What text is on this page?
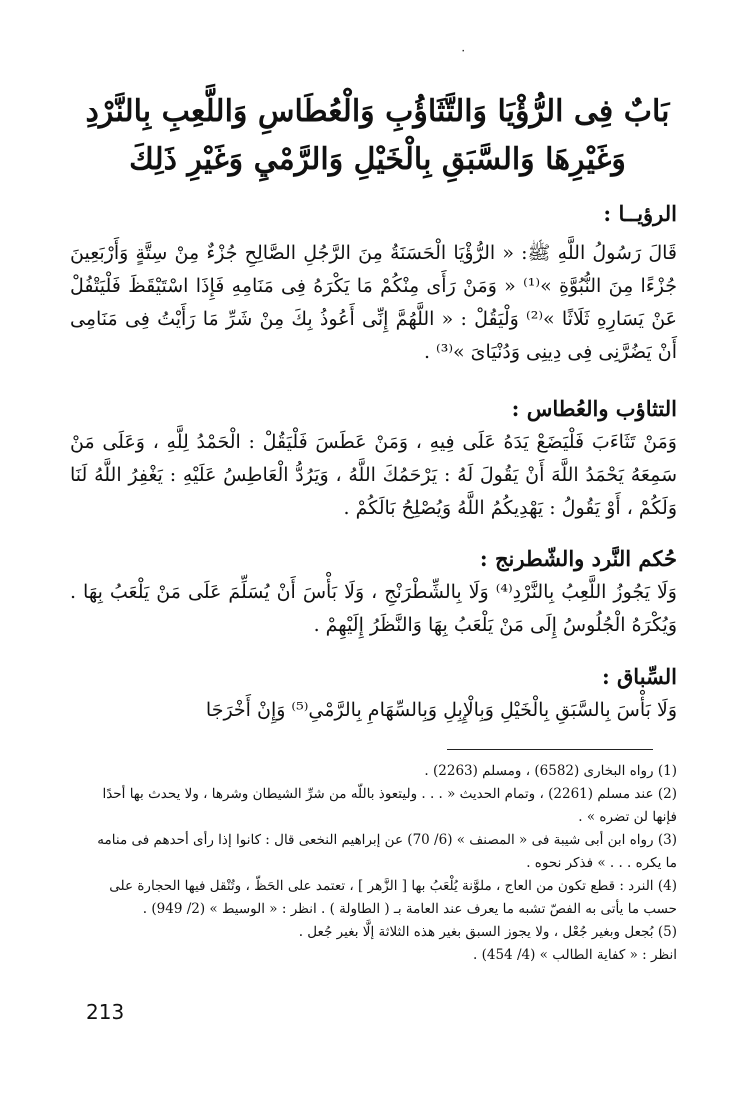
٠
بَابٌ فِى الرُّؤْيَا وَالتَّثَاؤُبِ وَالْعُطَاسِ وَاللَّعِبِ بِالنَّرْدِ
وَغَيْرِهَا وَالسَّبَقِ بِالْخَيْلِ وَالرَّمْيِ وَغَيْرِ ذَلِكَ
الرؤيــا :
قَالَ رَسُولُ اللَّهِ ﷺ: « الرُّؤْيَا الْحَسَنَةُ مِنَ الرَّجُلِ الصَّالِحِ جُزْءٌ مِنْ سِتَّةٍ وَأَرْبَعِينَ جُزْءًا مِنَ النُّبُوَّةِ »⁽¹⁾ « وَمَنْ رَأَى مِنْكُمْ مَا يَكْرَهُ فِى مَنَامِهِ فَإِذَا اسْتَيْقَظَ فَلْيَتْفُلْ عَنْ يَسَارِهِ ثَلَاثًا »⁽²⁾ وَلْيَقُلْ : « اللَّهُمَّ إِنِّى أَعُوذُ بِكَ مِنْ شَرِّ مَا رَأَيْتُ فِى مَنَامِى أَنْ يَضُرَّنِى فِى دِينِى وَدُنْيَاىَ »⁽³⁾ .
التثاؤب والعُطاس :
وَمَنْ تَثَاءَبَ فَلْيَضَعْ يَدَهُ عَلَى فِيهِ ، وَمَنْ عَطَسَ فَلْيَقُلْ : الْحَمْدُ لِلَّهِ ، وَعَلَى مَنْ سَمِعَهُ يَحْمَدُ اللَّهَ أَنْ يَقُولَ لَهُ : يَرْحَمُكَ اللَّهُ ، وَيَرُدُّ الْعَاطِسُ عَلَيْهِ : يَغْفِرُ اللَّهُ لَنَا وَلَكُمْ ، أَوْ يَقُولُ : يَهْدِيكُمُ اللَّهُ وَيُصْلِحُ بَالَكُمْ .
حُكم النَّرد والشّطرنج :
وَلَا يَجُوزُ اللَّعِبُ بِالنَّرْدِ⁽⁴⁾ وَلَا بِالشِّطْرَنْجِ ، وَلَا بَأْسَ أَنْ يُسَلِّمَ عَلَى مَنْ يَلْعَبُ بِهَا . وَيُكْرَهُ الْجُلُوسُ إِلَى مَنْ يَلْعَبُ بِهَا وَالنَّظَرُ إِلَيْهِمْ .
السِّباق :
وَلَا بَأْسَ بِالسَّبَقِ بِالْخَيْلِ وَبِالْإِبِلِ وَبِالسِّهَامِ بِالرَّمْىِ⁽⁵⁾ وَإِنْ أَخْرَجَا

(1) رواه البخارى (6582) ، ومسلم (2263) .

(2) عند مسلم (2261) ، وتمام الحديث « . . . وليتعوذ باللّه من شرِّ الشيطان وشرها ، ولا يحدث بها أحدًا فإنها لن تضره » .

(3) رواه ابن أبى شيبة فى « المصنف » (6/ 70) عن إبراهيم النخعى قال : كانوا إذا رأى أحدهم فى منامه ما يكره . . . » فذكر نحوه .

(4) النرد : قطع تكون من العاج ، ملوَّنة يُلْعَبُ بها [ الزَّهر ] ، تعتمد على الحَظّ ، وتُنْقل فيها الحجارة على حسب ما يأتى به الفصّ تشبه ما يعرف عند العامة بـ ( الطاولة ) . انظر : « الوسيط » (2/ 949) .

(5) بُجعل وبغير جُعْل ، ولا يجوز السبق بغير هذه الثلاثة إلَّا بغير جُعل .

انظر : « كفاية الطالب » (4/ 454) .

213
